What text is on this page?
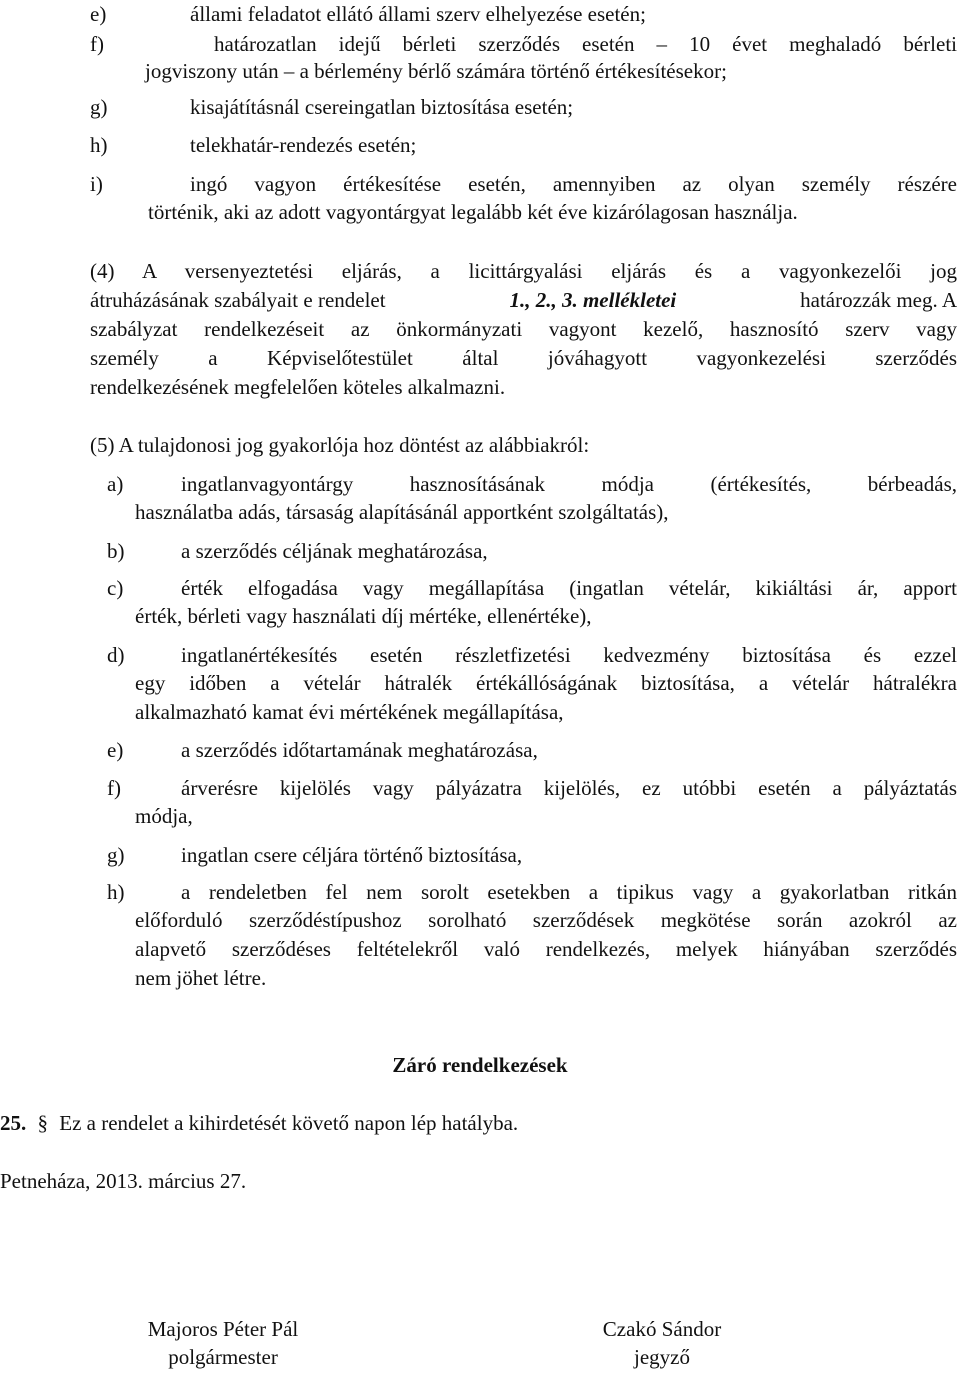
e)	állami feladatot ellátó állami szerv elhelyezése esetén;
f)	határozatlan idejű bérleti szerződés esetén – 10 évet meghaladó bérleti
jogviszony után – a bérlemény bérlő számára történő értékesítésekor;
g)	kisajátításnál csereingatlan biztosítása esetén;
h)	telekhatár-rendezés esetén;
i)	ingó vagyon értékesítése esetén, amennyiben az olyan személy részére
történik, aki az adott vagyontárgyat legalább két éve kizárólagosan használja.
(4) A versenyeztetési eljárás, a licittárgyalási eljárás és a vagyonkezelői jog
átruházásának szabályait e rendelet	1., 2., 3. mellékletei	határozzák meg. A
szabályzat rendelkezéseit az önkormányzati vagyont kezelő, hasznosító szerv vagy
személy a Képviselőtestület által jóváhagyott vagyonkezelési szerződés
rendelkezésének megfelelően köteles alkalmazni.
(5) A tulajdonosi jog gyakorlója hoz döntést az alábbiakról:
a)	ingatlanvagyontárgy hasznosításának módja (értékesítés, bérbeadás,
használatba adás, társaság alapításánál apportként szolgáltatás),
b)	a szerződés céljának meghatározása,
c)	érték elfogadása vagy megállapítása (ingatlan vételár, kikiáltási ár, apport
érték, bérleti vagy használati díj mértéke, ellenértéke),
d)	ingatlanértékesítés esetén részletfizetési kedvezmény biztosítása és ezzel
egy időben a vételár hátralék értékállóságának biztosítása, a vételár hátralékra
alkalmazható kamat évi mértékének megállapítása,
e)	a szerződés időtartamának meghatározása,
f)	árverésre kijelölés vagy pályázatra kijelölés, ez utóbbi esetén a pályáztatás
módja,
g)	ingatlan csere céljára történő biztosítása,
h)	a rendeletben fel nem sorolt esetekben a tipikus vagy a gyakorlatban ritkán
előforduló szerződéstípushoz sorolható szerződések megkötése során azokról az
alapvető szerződéses feltételekről való rendelkezés, melyek hiányában szerződés
nem jöhet létre.
Záró rendelkezések
25. § Ez a rendelet a kihirdetését követő napon lép hatályba.
Petneháza, 2013. március 27.
Majoros Péter Pál
polgármester
Czakó Sándor
jegyző
